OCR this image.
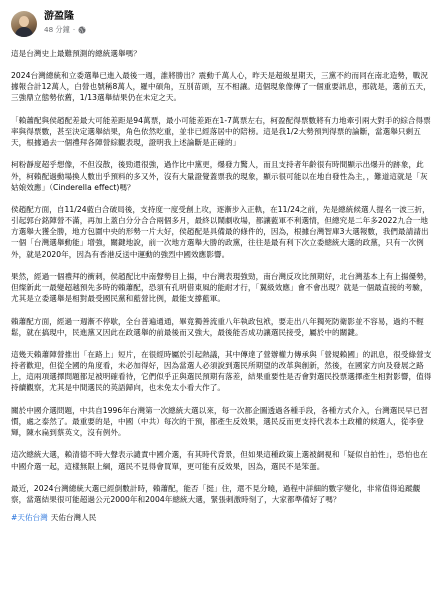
游盈隆
48 分鐘 ·

這是台灣史上最難預測的總統選舉嗎？

2024台灣總統和立委選舉已進入最後一週，誰將勝出？震動千萬人心，昨天是超級星期天，三黨不約而同在南北造勢，戰況據報合計12萬人，白營也號稱8萬人，羅中碩角，互別苗頭，互不相讓。這個現象像傳了一個重要訊息，那就是，選前五天，三強鼎立態勢依舊，1/13選舉結果仍在未定之天。

「賴蕭配與侯趙配差最大可能差距是94萬票，最小可能差距在1-7萬票左右，柯盈配得票數將有力地牽引兩大對手的綜合得票率與得票數，甚至決定選舉結果，角色依然吃重，並非已經落居中的陪榜。這是我1/2大勢預判得票的論斷，當選舉只剩五天，根據過去一個禮拜各陣營綜觀表現，證明我上述論斷是正確的」

柯粉靜度超乎想像，不但沒散，後勁還很強，過作比中黨更，爆發力驚人，而且支持者年齡很有時間顯示出爆升的跡象，此外，柯賴配過動場換人數出乎預料的多又外，沒有大量證覺蓋票我的現象，顯示很可能以在地自發性為主，，難道這就是「灰姑娘效應」（Cinderella effect)嗎？

侯趙配方面，自11/24藍白合破局後，支持度一度受創上攻，逐漸步入正軌，在11/24之前，先是總統候選人提名一波三折，引起郭台銘陣營不滿，再加上蓋白分分合合兩個多月，最終以鬧劇收場，都讓藍軍不利選情，但總究是二年多2022九合一地方選舉大獲全勝，地方包圍中央的形勢一片大好，侯趙配是具備最的條件的，因為，根據台灣智庫3大選報數，我們最請請出一個「台灣選舉動能」增強，關鍵地說，前一次地方選舉大勝的政黨，往往是最有利下次立委總統大選的政黨，只有一次例外，就是2020年，因為有香港反送中運動的強烈中國效應影響。

果然，經過一個禮拜的衝刺，侯趙配比中南聲勢目上揚，中台灣表現強勁，南台灣反攻比預期好，北台灣基本上有上揚優勢，但燦新此一最變超越預先多時的賴蕭配，恐須有孔明借東風的能耐才行，「翼級效應」會不會出現？就是一個最直接的考驗，尤其是立委選舉是相對最受國民黨和藍營比例，最能支撐藍軍。

賴蕭配方面，經過一週漸不停歇，全台普遍通通，畢竟獨善流重八年執政包袱，要走出八年獨死防衛影並不容易，過約不輕鬆，就在搞現中，民進黨又因此在政選舉的前最後而又強大，最後能否成功讓選民接受，屬於中的關鍵。

這幾天賴蕭陣營推出「在路上」短片，在很經時屬於引起熱議，其中傳達了營辦權力傳承與「營規賴國」的訊息，很受綠營支持者歡迎，但從全國的角度看，未必加得好，因為當選人必須說到選民所期望的改革與創新，然後，在國家方向及發展之路上，這兩項選擇問題都足被明確看待，它們似乎正與選民預期有落差，結果重要性是否會對選民投票選擇產生相對影響，值得持續觀察，尤其是中間選民的英語歸向，也未免太小看大作了。

關於中國介選問題，中共自1996年台灣第一次總統大選以來，每一次都企圖透過各種手段，各種方式介入，台灣選民早已習慣，處之泰然了。最重要的是，中國（中共）每次的干預，都產生反效果，選民反而更支持代表本土政權的候選人，從李登輝，陳水扁到蔡英文，沒有例外。

這次總統大選，賴清德不時大聲表示譴責中國介選，有其時代背景，但如果這種政策上選被網視和「疑似自拍性」，恐怕也在中國介選一起，這樣無限上綱，選民不見得會買單，更可能有反效果，因為，選民不是笨蛋。

最近，2024台灣總統大選已經倒數計時，賴蕭配，能否「挺」住，還不見分曉，過程中詳細的數字變化，非常值得追蹤觀察，當選結果很可能超過公元2000年和2004年總統大選，緊張刺激時刻了，大家都準備好了嗎？

#天佑台灣 天佑台灣人民
